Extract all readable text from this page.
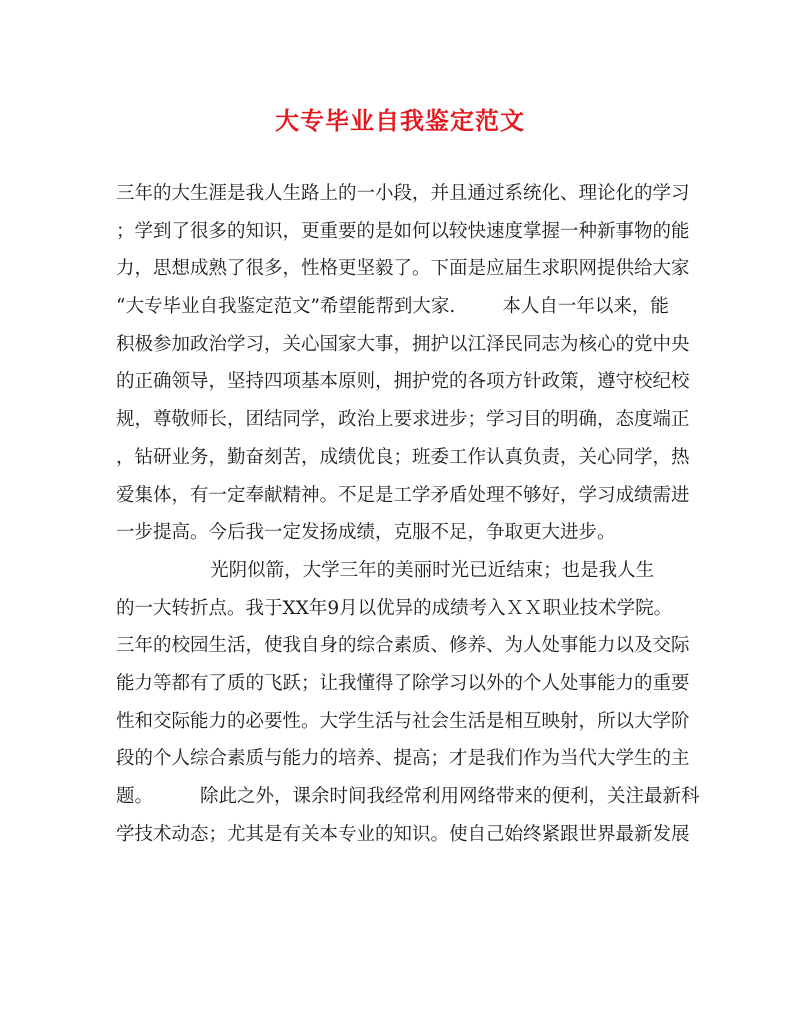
大专毕业自我鉴定范文
三年的大生涯是我人生路上的一小段，并且通过系统化、理论化的学习
；学到了很多的知识，更重要的是如何以较快速度掌握一种新事物的能
力，思想成熟了很多，性格更坚毅了。下面是应届生求职网提供给大家
“大专毕业自我鉴定范文”希望能帮到大家.        本人自一年以来，能
积极参加政治学习，关心国家大事，拥护以江泽民同志为核心的党中央
的正确领导，坚持四项基本原则，拥护党的各项方针政策，遵守校纪校
规，尊敬师长，团结同学，政治上要求进步；学习目的明确，态度端正
，钻研业务，勤奋刻苦，成绩优良；班委工作认真负责，关心同学，热
爱集体，有一定奉献精神。不足是工学矛盾处理不够好，学习成绩需进
一步提高。今后我一定发扬成绩，克服不足，争取更大进步。
光阴似箭，大学三年的美丽时光已近结束；也是我人生
的一大转折点。我于XX年9月以优异的成绩考入ＸＸ职业技术学院。
三年的校园生活，使我自身的综合素质、修养、为人处事能力以及交际
能力等都有了质的飞跃；让我懂得了除学习以外的个人处事能力的重要
性和交际能力的必要性。大学生活与社会生活是相互映射，所以大学阶
段的个人综合素质与能力的培养、提高；才是我们作为当代大学生的主
题。        除此之外，课余时间我经常利用网络带来的便利，关注最新科
学技术动态；尤其是有关本专业的知识。使自己始终紧跟世界最新发展
